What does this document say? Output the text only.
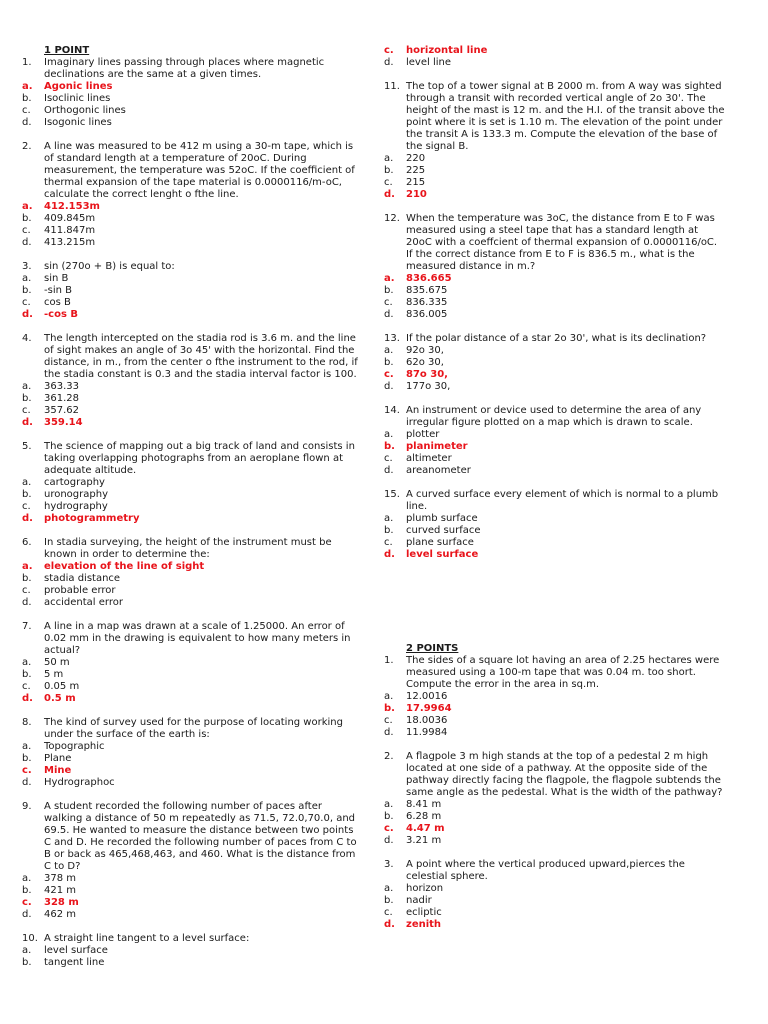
1 POINT
1.	Imaginary lines passing through places where magnetic declinations are the same at a given times.
a.	Agonic lines
b.	Isoclinic lines
c.	Orthogonic lines
d.	Isogonic lines
2.	A line was measured to be 412 m using a 30-m tape, which is of standard length at a temperature of 20oC. During measurement, the temperature was 52oC. If the coefficient of thermal expansion of the tape material is 0.0000116/m-oC, calculate the correct lenght o fthe line.
a.	412.153m
b.	409.845m
c.	411.847m
d.	413.215m
3.	sin (270o + B) is equal to:
a.	sin B
b.	-sin B
c.	cos B
d.	-cos B
4.	The length intercepted on the stadia rod is 3.6 m. and the line of sight makes an angle of 3o 45' with the horizontal. Find the distance, in m., from the center o fthe instrument to the rod, if the stadia constant is 0.3 and the stadia interval factor is 100.
a.	363.33
b.	361.28
c.	357.62
d.	359.14
5.	The science of mapping out a big track of land and consists in taking overlapping photographs from an aeroplane flown at adequate altitude.
a.	cartography
b.	uronography
c.	hydrography
d.	photogrammetry
6.	In stadia surveying, the height of the instrument must be known in order to determine the:
a.	elevation of the line of sight
b.	stadia distance
c.	probable error
d.	accidental error
7.	A line in a map was drawn at a scale of 1.25000. An error of 0.02 mm in the drawing is equivalent to how many meters in actual?
a.	50 m
b.	5 m
c.	0.05 m
d.	0.5 m
8.	The kind of survey used for the purpose of locating working under the surface of the earth is:
a.	Topographic
b.	Plane
c.	Mine
d.	Hydrographoc
9.	A student recorded the following number of paces after walking a distance of 50 m repeatedly as 71.5, 72.0,70.0, and 69.5. He wanted to measure the distance between two points C and D. He recorded the following number of paces from C to B or back as 465,468,463, and 460. What is the distance from C to D?
a.	378 m
b.	421 m
c.	328 m
d.	462 m
10. A straight line tangent to a level surface:
a.	level surface
b.	tangent line
c.	horizontal line
d.	level line
11. The top of a tower signal at B 2000 m. from A way was sighted through a transit with recorded vertical angle of 2o 30'. The height of the mast is 12 m. and the H.I. of the transit above the point where it is set is 1.10 m. The elevation of the point under the transit A is 133.3 m. Compute the elevation of the base of the signal B.
a.	220
b.	225
c.	215
d.	210
12. When the temperature was 3oC, the distance from E to F was measured using a steel tape that has a standard length at 20oC with a coeffcient of thermal expansion of 0.0000116/oC. If the correct distance from E to F is 836.5 m., what is the measured distance in m.?
a.	836.665
b.	835.675
c.	836.335
d.	836.005
13. If the polar distance of a star 2o 30', what is its declination?
a.	92o 30,
b.	62o 30,
c.	87o 30,
d.	177o 30,
14. An instrument or device used to determine the area of any irregular figure plotted on a map which is drawn to scale.
a.	plotter
b.	planimeter
c.	altimeter
d.	areanometer
15. A curved surface every element of which is normal to a plumb line.
a.	plumb surface
b.	curved surface
c.	plane surface
d.	level surface
2 POINTS
1.	The sides of a square lot having an area of 2.25 hectares were measured using a 100-m tape that was 0.04 m. too short. Compute the error in the area in sq.m.
a.	12.0016
b.	17.9964
c.	18.0036
d.	11.9984
2.	A flagpole 3 m high stands at the top of a pedestal 2 m high located at one side of a pathway. At the opposite side of the pathway directly facing the flagpole, the flagpole subtends the same angle as the pedestal. What is the width of the pathway?
a.	8.41 m
b.	6.28 m
c.	4.47 m
d.	3.21 m
3.	A point where the vertical produced upward,pierces the celestial sphere.
a.	horizon
b.	nadir
c.	ecliptic
d.	zenith
